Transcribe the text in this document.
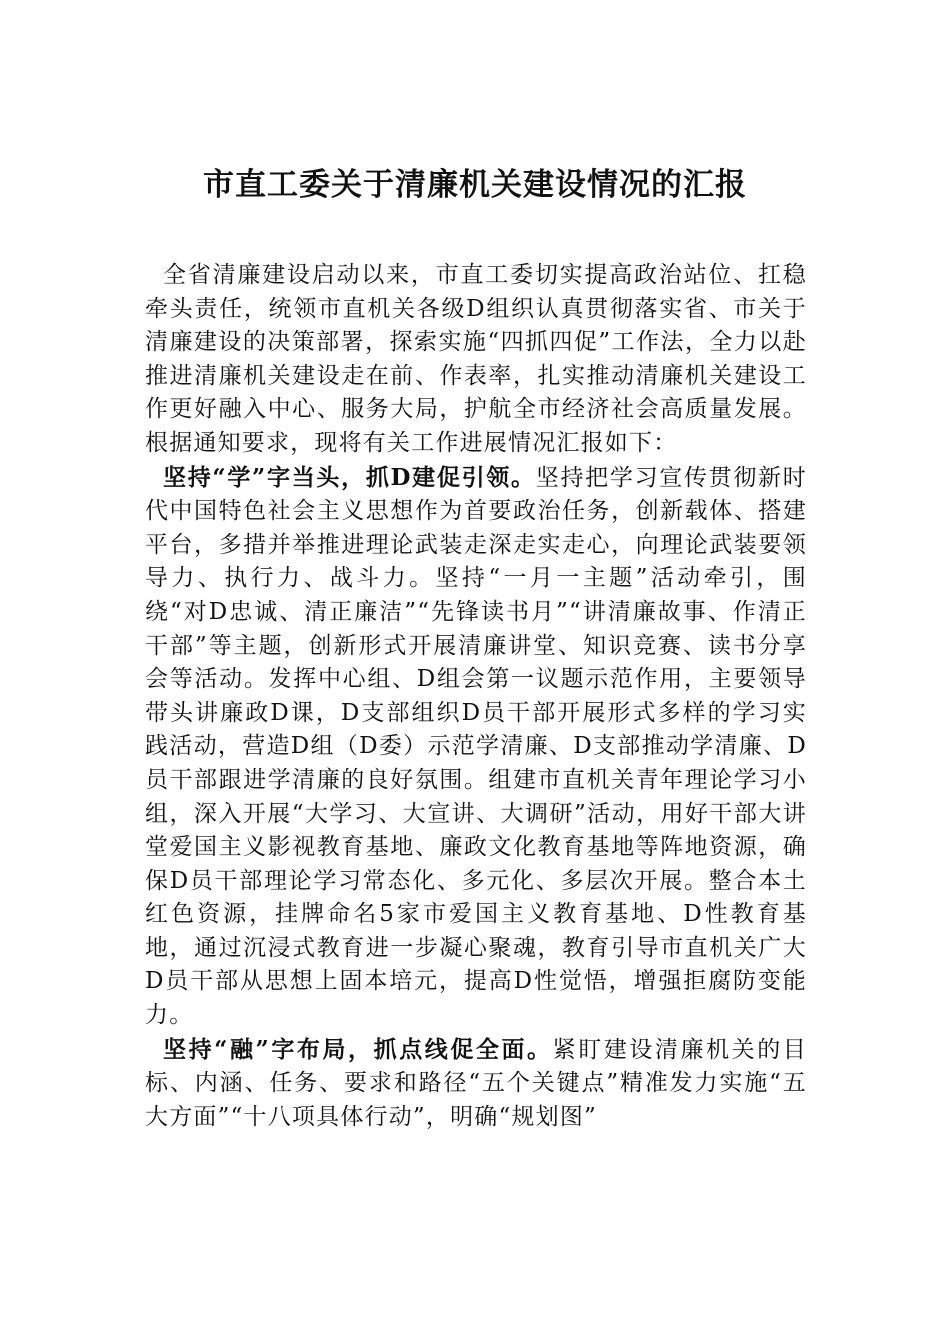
市直工委关于清廉机关建设情况的汇报

全省清廉建设启动以来，市直工委切实提高政治站位、扛稳牵头责任，统领市直机关各级D组织认真贯彻落实省、市关于清廉建设的决策部署，探索实施“四抓四促”工作法，全力以赴推进清廉机关建设走在前、作表率，扎实推动清廉机关建设工作更好融入中心、服务大局，护航全市经济社会高质量发展。根据通知要求，现将有关工作进展情况汇报如下：

坚持“学”字当头，抓D建促引领。坚持把学习宣传贯彻新时代中国特色社会主义思想作为首要政治任务，创新载体、搭建平台，多措并举推进理论武装走深走实走心，向理论武装要领导力、执行力、战斗力。坚持“一月一主题”活动牵引，围绕“对D忠诚、清正廉洁”“先锋读书月”“讲清廉故事、作清正干部”等主题，创新形式开展清廉讲堂、知识竞赛、读书分享会等活动。发挥中心组、D组会第一议题示范作用，主要领导带头讲廉政D课，D支部组织D员干部开展形式多样的学习实践活动，营造D组（D委）示范学清廉、D支部推动学清廉、D员干部跟进学清廉的良好氛围。组建市直机关青年理论学习小组，深入开展“大学习、大宣讲、大调研”活动，用好干部大讲堂爱国主义影视教育基地、廉政文化教育基地等阵地资源，确保D员干部理论学习常态化、多元化、多层次开展。整合本土红色资源，挂牌命名5家市爱国主义教育基地、D性教育基地，通过沉浸式教育进一步凝心聚魂，教育引导市直机关广大D员干部从思想上固本培元，提高D性觉悟，增强拒腐防变能力。

坚持“融”字布局，抓点线促全面。紧盯建设清廉机关的目标、内涵、任务、要求和路径“五个关键点”精准发力实施“五大方面”“十八项具体行动”，明确“规划图”
